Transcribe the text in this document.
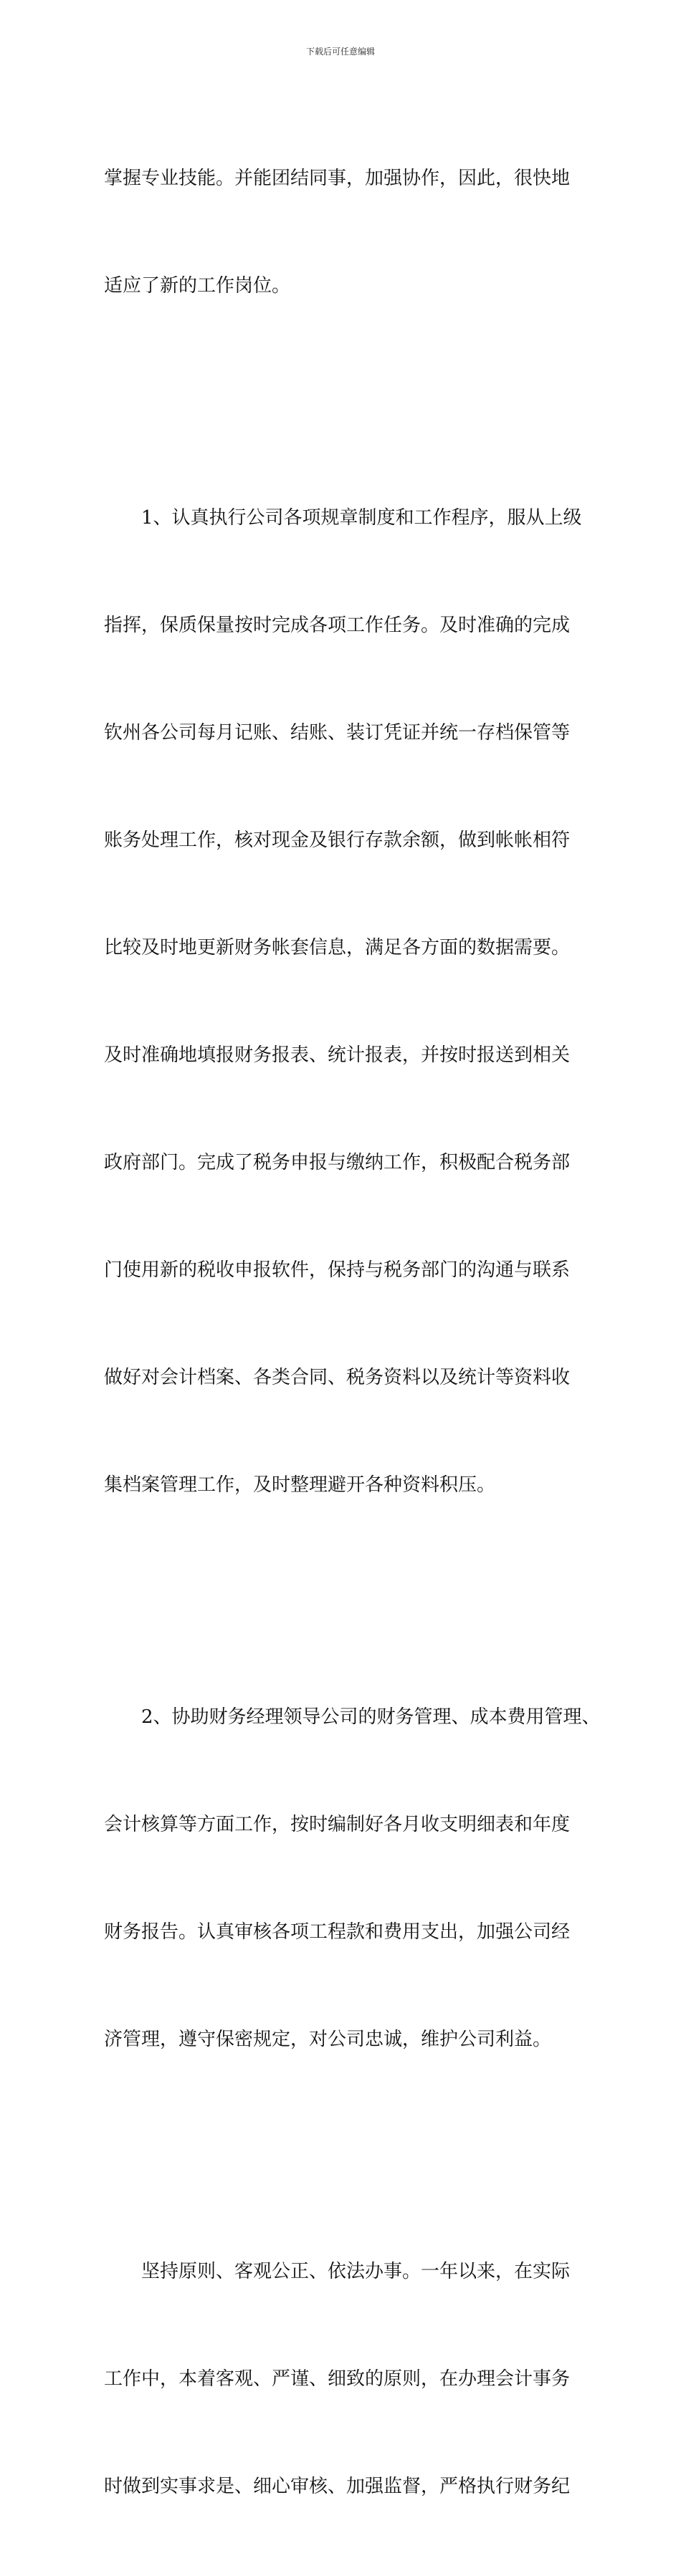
下载后可任意编辑

掌握专业技能。并能团结同事，加强协作，因此，很快地

适应了新的工作岗位。

1、认真执行公司各项规章制度和工作程序，服从上级

指挥，保质保量按时完成各项工作任务。及时准确的完成

钦州各公司每月记账、结账、装订凭证并统一存档保管等

账务处理工作，核对现金及银行存款余额，做到帐帐相符

比较及时地更新财务帐套信息，满足各方面的数据需要。

及时准确地填报财务报表、统计报表，并按时报送到相关

政府部门。完成了税务申报与缴纳工作，积极配合税务部

门使用新的税收申报软件，保持与税务部门的沟通与联系

做好对会计档案、各类合同、税务资料以及统计等资料收

集档案管理工作，及时整理避开各种资料积压。

2、协助财务经理领导公司的财务管理、成本费用管理、

会计核算等方面工作，按时编制好各月收支明细表和年度

财务报告。认真审核各项工程款和费用支出，加强公司经

济管理，遵守保密规定，对公司忠诚，维护公司利益。

坚持原则、客观公正、依法办事。一年以来，在实际

工作中，本着客观、严谨、细致的原则，在办理会计事务

时做到实事求是、细心审核、加强监督，严格执行财务纪
